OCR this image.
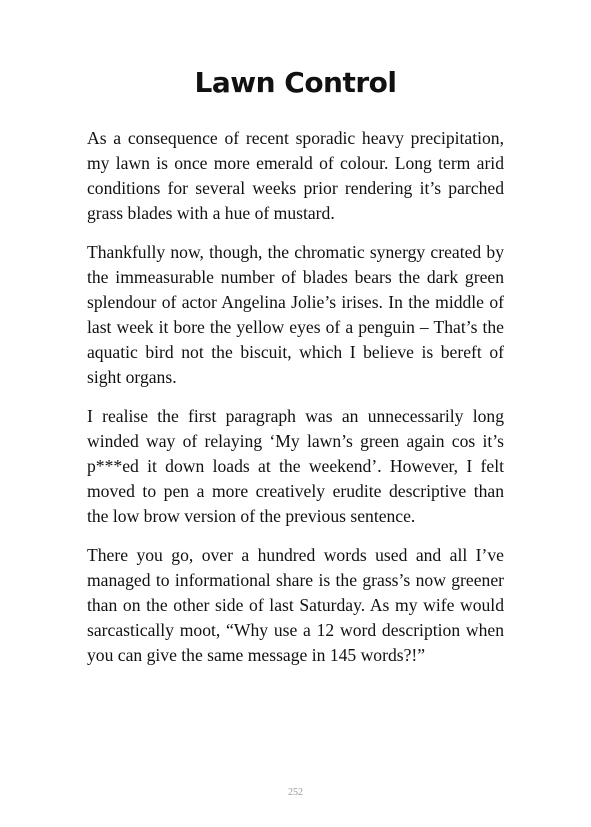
Lawn Control

As a consequence of recent sporadic heavy precipitation, my lawn is once more emerald of colour. Long term arid conditions for several weeks prior rendering it’s parched grass blades with a hue of mustard.

Thankfully now, though, the chromatic synergy created by the immeasurable number of blades bears the dark green splendour of actor Angelina Jolie’s irises. In the middle of last week it bore the yellow eyes of a penguin – That’s the aquatic bird not the biscuit, which I believe is bereft of sight organs.

I realise the first paragraph was an unnecessarily long winded way of relaying ‘My lawn’s green again cos it’s p***ed it down loads at the weekend’. However, I felt moved to pen a more creatively erudite descriptive than the low brow version of the previous sentence.

There you go, over a hundred words used and all I’ve managed to informational share is the grass’s now greener than on the other side of last Saturday. As my wife would sarcastically moot, “Why use a 12 word description when you can give the same message in 145 words?!”

252
